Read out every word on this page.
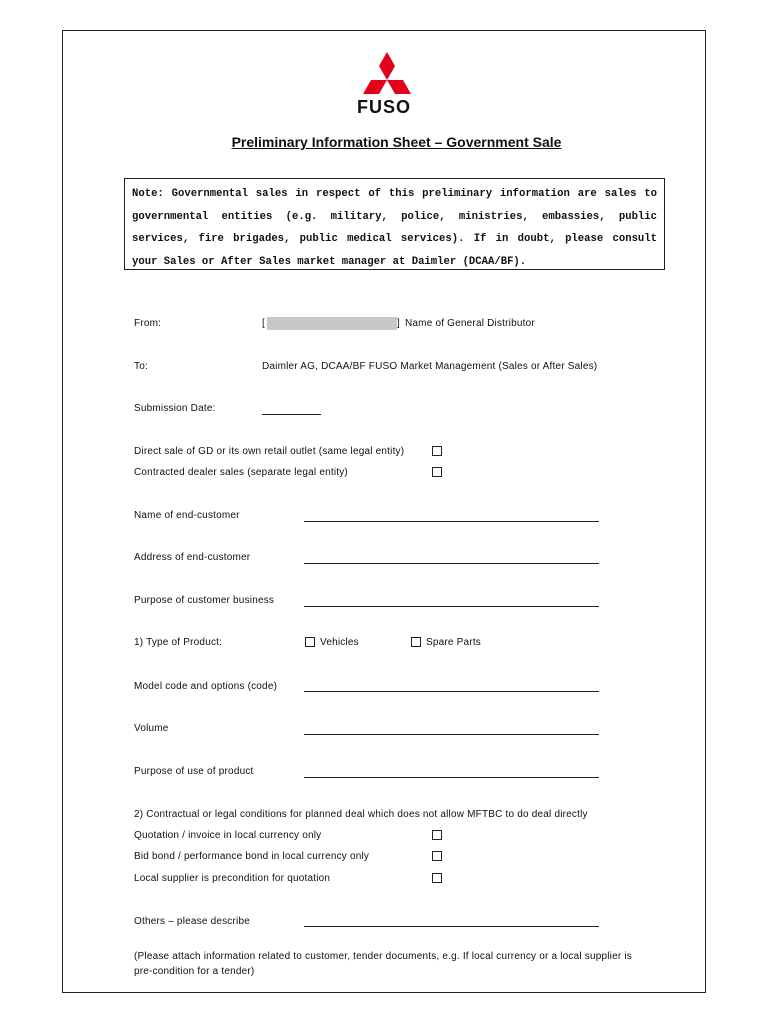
FUSO
Preliminary Information Sheet – Government Sale
Note: Governmental sales in respect of this preliminary information are sales to governmental entities (e.g. military, police, ministries, embassies, public services, fire brigades, public medical services). If in doubt, please consult your Sales or After Sales market manager at Daimler (DCAA/BF).
From:	[	] Name of General Distributor
To:	Daimler AG, DCAA/BF FUSO Market Management (Sales or After Sales)
Submission Date:
Direct sale of GD or its own retail outlet (same legal entity)
Contracted dealer sales (separate legal entity)
Name of end-customer
Address of end-customer
Purpose of customer business
1) Type of Product:	Vehicles	Spare Parts
Model code and options (code)
Volume
Purpose of use of product
2) Contractual or legal conditions for planned deal which does not allow MFTBC to do deal directly
Quotation / invoice in local currency only
Bid bond / performance bond in local currency only
Local supplier is precondition for quotation
Others – please describe
(Please attach information related to customer, tender documents, e.g. If local currency or a local supplier is
pre-condition for a tender)
